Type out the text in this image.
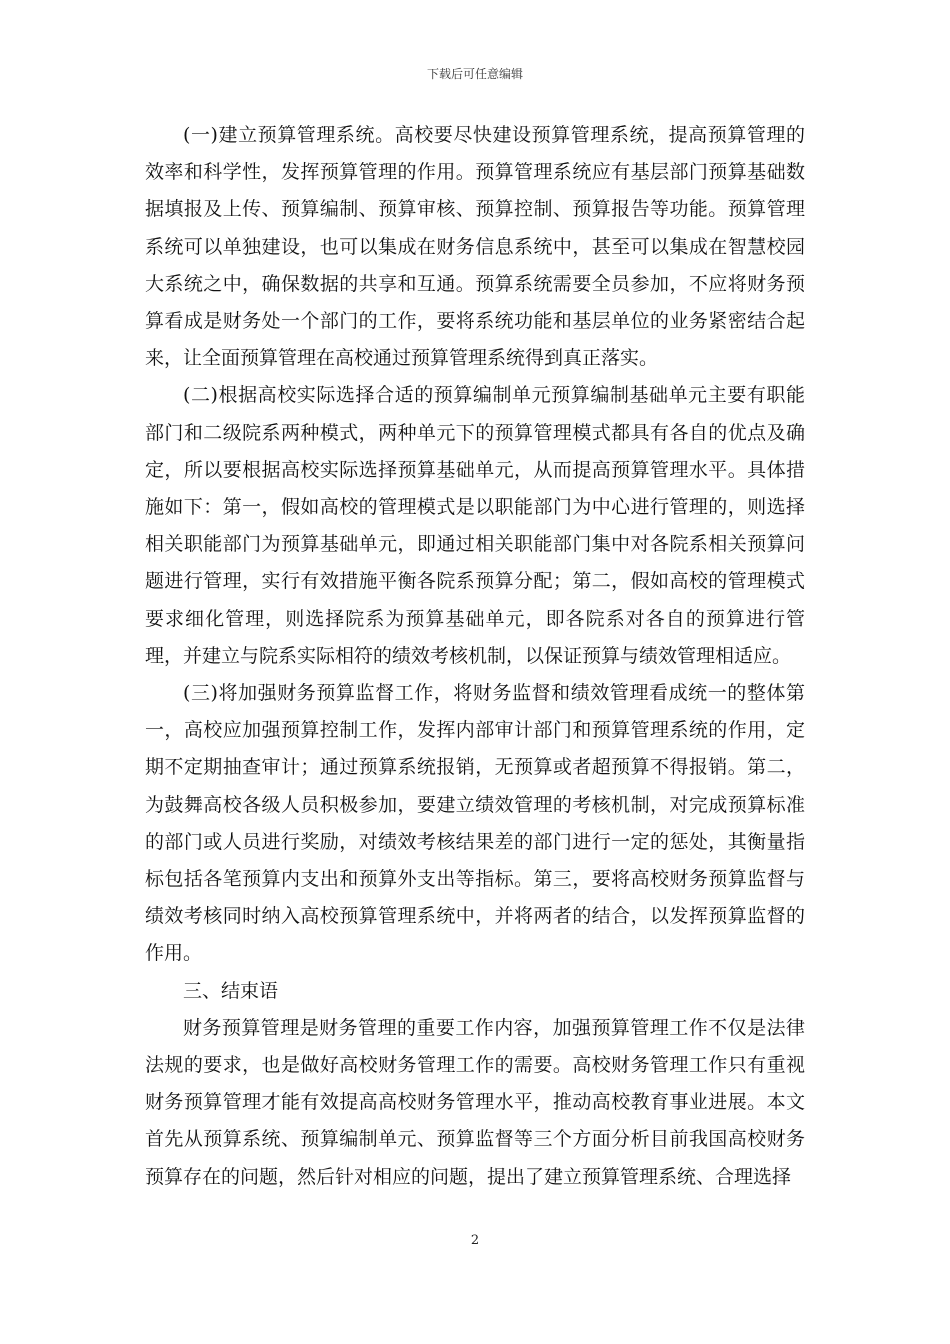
下载后可任意编辑

(一)建立预算管理系统。高校要尽快建设预算管理系统，提高预算管理的效率和科学性，发挥预算管理的作用。预算管理系统应有基层部门预算基础数据填报及上传、预算编制、预算审核、预算控制、预算报告等功能。预算管理系统可以单独建设，也可以集成在财务信息系统中，甚至可以集成在智慧校园大系统之中，确保数据的共享和互通。预算系统需要全员参加，不应将财务预算看成是财务处一个部门的工作，要将系统功能和基层单位的业务紧密结合起来，让全面预算管理在高校通过预算管理系统得到真正落实。

(二)根据高校实际选择合适的预算编制单元预算编制基础单元主要有职能部门和二级院系两种模式，两种单元下的预算管理模式都具有各自的优点及确定，所以要根据高校实际选择预算基础单元，从而提高预算管理水平。具体措施如下：第一，假如高校的管理模式是以职能部门为中心进行管理的，则选择相关职能部门为预算基础单元，即通过相关职能部门集中对各院系相关预算问题进行管理，实行有效措施平衡各院系预算分配；第二，假如高校的管理模式要求细化管理，则选择院系为预算基础单元，即各院系对各自的预算进行管理，并建立与院系实际相符的绩效考核机制，以保证预算与绩效管理相适应。

(三)将加强财务预算监督工作，将财务监督和绩效管理看成统一的整体第一，高校应加强预算控制工作，发挥内部审计部门和预算管理系统的作用，定期不定期抽查审计；通过预算系统报销，无预算或者超预算不得报销。第二，为鼓舞高校各级人员积极参加，要建立绩效管理的考核机制，对完成预算标准的部门或人员进行奖励，对绩效考核结果差的部门进行一定的惩处，其衡量指标包括各笔预算内支出和预算外支出等指标。第三，要将高校财务预算监督与绩效考核同时纳入高校预算管理系统中，并将两者的结合，以发挥预算监督的作用。

三、结束语

财务预算管理是财务管理的重要工作内容，加强预算管理工作不仅是法律法规的要求，也是做好高校财务管理工作的需要。高校财务管理工作只有重视财务预算管理才能有效提高高校财务管理水平，推动高校教育事业进展。本文首先从预算系统、预算编制单元、预算监督等三个方面分析目前我国高校财务预算存在的问题，然后针对相应的问题，提出了建立预算管理系统、合理选择

2
